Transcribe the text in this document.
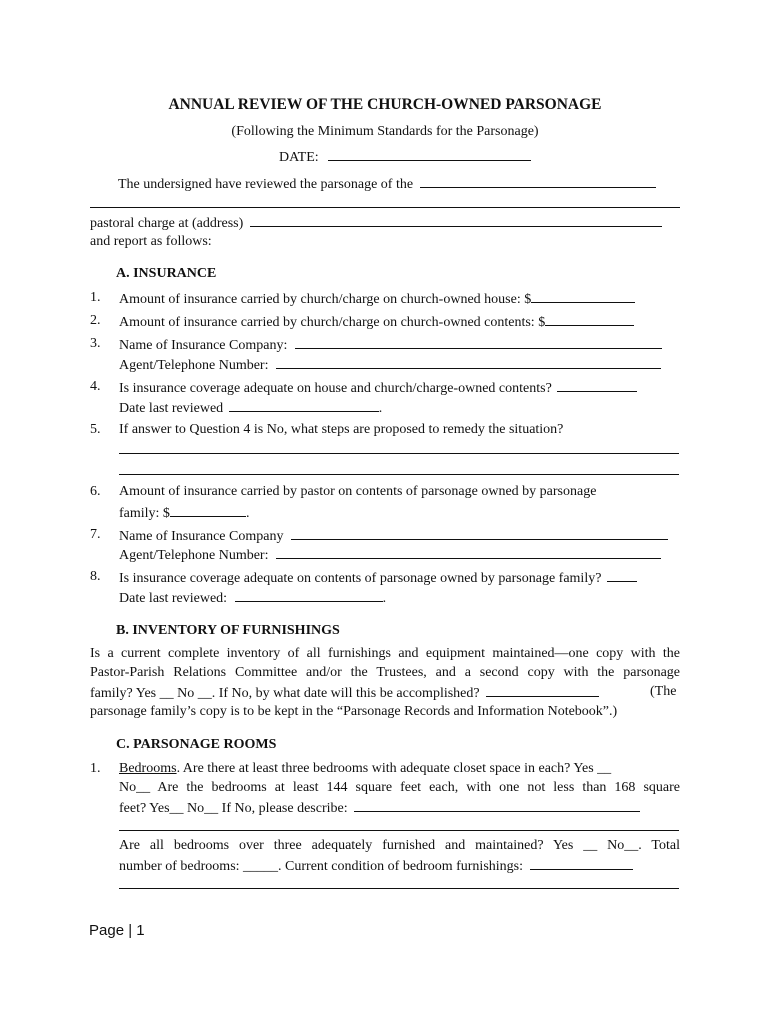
ANNUAL REVIEW OF THE CHURCH-OWNED PARSONAGE
(Following the Minimum Standards for the Parsonage)
DATE:
The undersigned have reviewed the parsonage of the
pastoral charge at (address)
and report as follows:
A. INSURANCE
1. Amount of insurance carried by church/charge on church-owned house: $
2. Amount of insurance carried by church/charge on church-owned contents: $
3. Name of Insurance Company:
Agent/Telephone Number:
4. Is insurance coverage adequate on house and church/charge-owned contents?
Date last reviewed	.
5. If answer to Question 4 is No, what steps are proposed to remedy the situation?
6. Amount of insurance carried by pastor on contents of parsonage owned by parsonage
family: $	.
7. Name of Insurance Company
Agent/Telephone Number:
8. Is insurance coverage adequate on contents of parsonage owned by parsonage family?
Date last reviewed:	.
B. INVENTORY OF FURNISHINGS
Is a current complete inventory of all furnishings and equipment maintained—one copy with the
Pastor-Parish Relations Committee and/or the Trustees, and a second copy with the parsonage
family? Yes __ No __. If No, by what date will this be accomplished?	(The
parsonage family’s copy is to be kept in the “Parsonage Records and Information Notebook”.)
C. PARSONAGE ROOMS
1. Bedrooms. Are there at least three bedrooms with adequate closet space in each? Yes __
No__ Are the bedrooms at least 144 square feet each, with one not less than 168 square
feet? Yes__ No__ If No, please describe:
Are all bedrooms over three adequately furnished and maintained? Yes __ No__. Total
number of bedrooms: _____. Current condition of bedroom furnishings:
Page | 1
